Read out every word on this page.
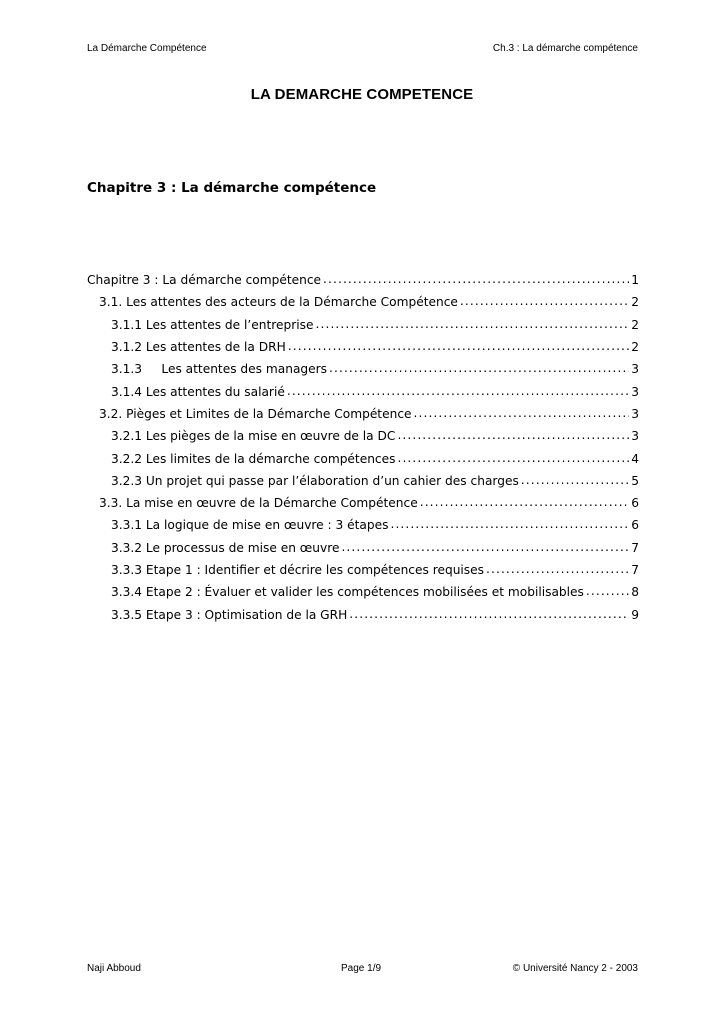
La Démarche Compétence	Ch.3 : La démarche compétence
LA DEMARCHE COMPETENCE
Chapitre 3 : La démarche compétence
Chapitre 3 : La démarche compétence .....	1
3.1. Les attentes des acteurs de la Démarche Compétence .....	2
3.1.1 Les attentes de l’entreprise .....	2
3.1.2 Les attentes de la DRH .....	2
3.1.3     Les attentes des managers .....	3
3.1.4 Les attentes du salarié .....	3
3.2. Pièges et Limites de la Démarche Compétence .....	3
3.2.1 Les pièges de la mise en œuvre de la DC .....	3
3.2.2 Les limites de la démarche compétences .....	4
3.2.3 Un projet qui passe par l’élaboration d’un cahier des charges .....	5
3.3. La mise en œuvre de la Démarche Compétence .....	6
3.3.1 La logique de mise en œuvre : 3 étapes .....	6
3.3.2 Le processus de mise en œuvre .....	7
3.3.3 Etape 1 : Identifier et décrire les compétences requises .....	7
3.3.4 Etape 2 : Évaluer et valider les compétences mobilisées et mobilisables .....	8
3.3.5 Etape 3 : Optimisation de la GRH .....	9
Naji Abboud	Page 1/9	© Université Nancy 2 - 2003
